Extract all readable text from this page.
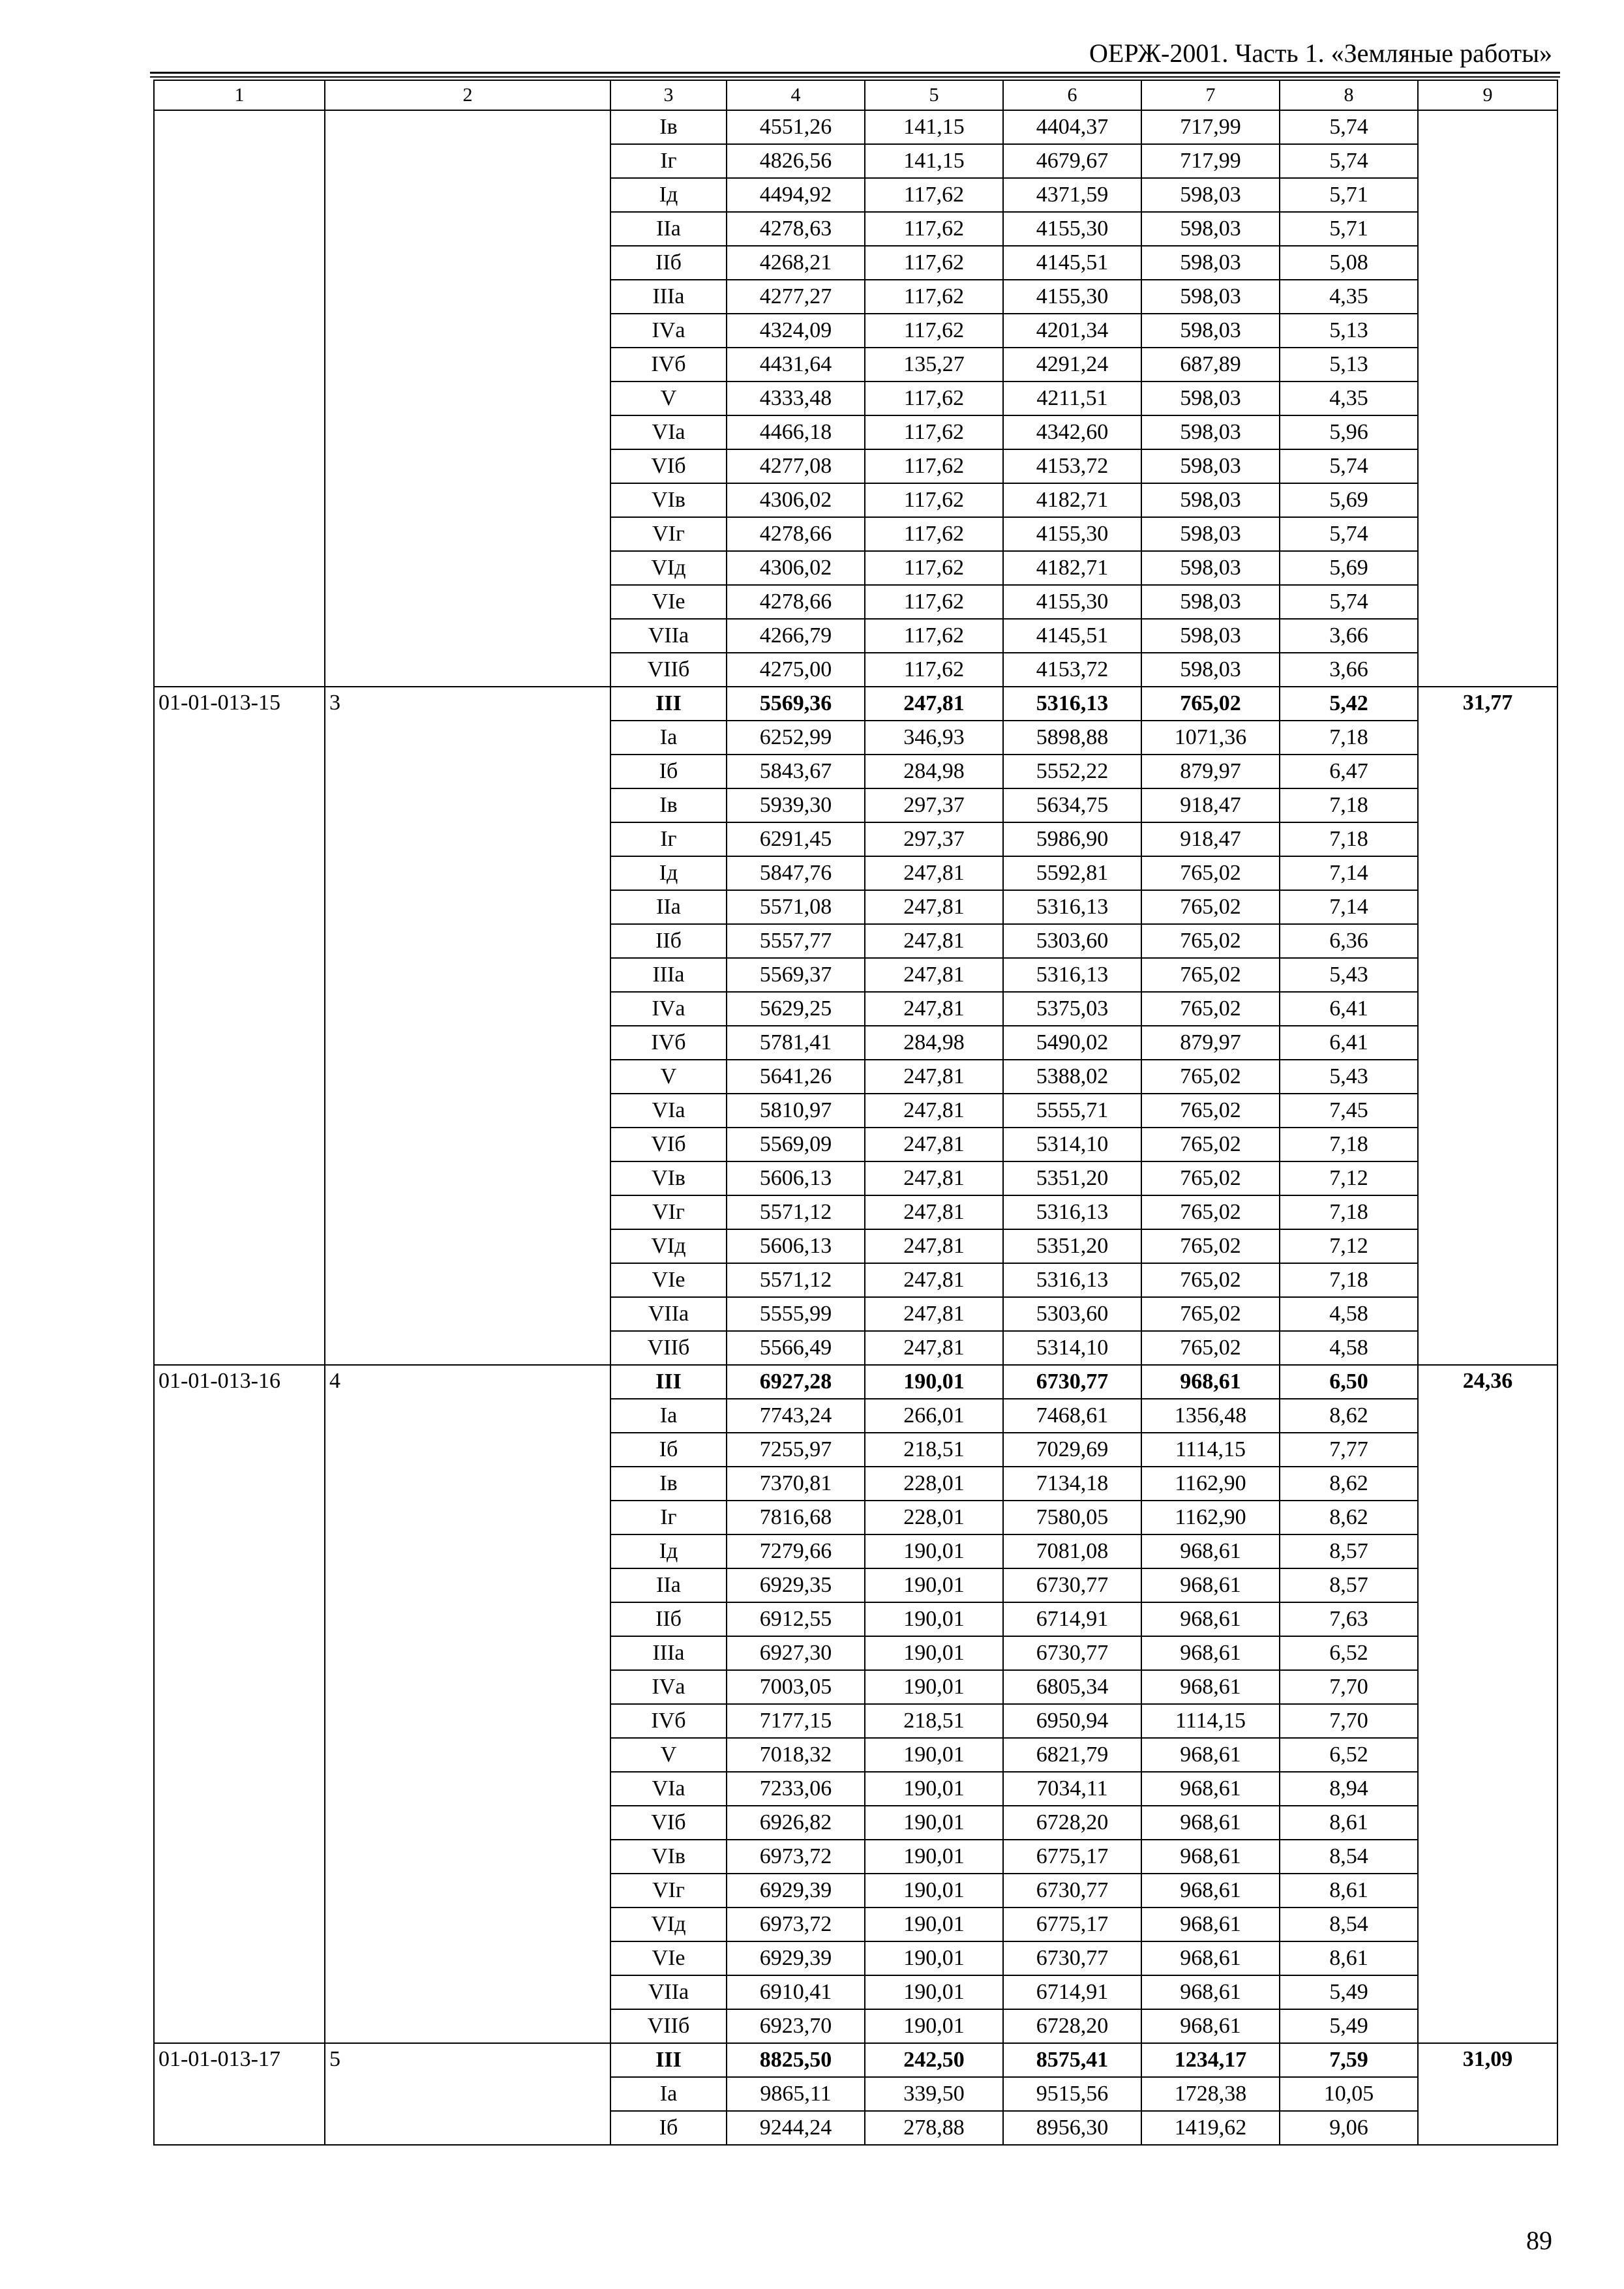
ОЕРЖ-2001. Часть 1. «Земляные работы»
1	2	3	4	5	6	7	8	9
		Iв	4551,26	141,15	4404,37	717,99	5,74	
		Iг	4826,56	141,15	4679,67	717,99	5,74	
		Iд	4494,92	117,62	4371,59	598,03	5,71	
		IIа	4278,63	117,62	4155,30	598,03	5,71	
		IIб	4268,21	117,62	4145,51	598,03	5,08	
		IIIа	4277,27	117,62	4155,30	598,03	4,35	
		IVа	4324,09	117,62	4201,34	598,03	5,13	
		IVб	4431,64	135,27	4291,24	687,89	5,13	
		V	4333,48	117,62	4211,51	598,03	4,35	
		VIа	4466,18	117,62	4342,60	598,03	5,96	
		VIб	4277,08	117,62	4153,72	598,03	5,74	
		VIв	4306,02	117,62	4182,71	598,03	5,69	
		VIг	4278,66	117,62	4155,30	598,03	5,74	
		VIд	4306,02	117,62	4182,71	598,03	5,69	
		VIе	4278,66	117,62	4155,30	598,03	5,74	
		VIIа	4266,79	117,62	4145,51	598,03	3,66	
		VIIб	4275,00	117,62	4153,72	598,03	3,66	
01-01-013-15	3	III	5569,36	247,81	5316,13	765,02	5,42	31,77
		Iа	6252,99	346,93	5898,88	1071,36	7,18	
		Iб	5843,67	284,98	5552,22	879,97	6,47	
		Iв	5939,30	297,37	5634,75	918,47	7,18	
		Iг	6291,45	297,37	5986,90	918,47	7,18	
		Iд	5847,76	247,81	5592,81	765,02	7,14	
		IIа	5571,08	247,81	5316,13	765,02	7,14	
		IIб	5557,77	247,81	5303,60	765,02	6,36	
		IIIа	5569,37	247,81	5316,13	765,02	5,43	
		IVа	5629,25	247,81	5375,03	765,02	6,41	
		IVб	5781,41	284,98	5490,02	879,97	6,41	
		V	5641,26	247,81	5388,02	765,02	5,43	
		VIа	5810,97	247,81	5555,71	765,02	7,45	
		VIб	5569,09	247,81	5314,10	765,02	7,18	
		VIв	5606,13	247,81	5351,20	765,02	7,12	
		VIг	5571,12	247,81	5316,13	765,02	7,18	
		VIд	5606,13	247,81	5351,20	765,02	7,12	
		VIе	5571,12	247,81	5316,13	765,02	7,18	
		VIIа	5555,99	247,81	5303,60	765,02	4,58	
		VIIб	5566,49	247,81	5314,10	765,02	4,58	
01-01-013-16	4	III	6927,28	190,01	6730,77	968,61	6,50	24,36
		Iа	7743,24	266,01	7468,61	1356,48	8,62	
		Iб	7255,97	218,51	7029,69	1114,15	7,77	
		Iв	7370,81	228,01	7134,18	1162,90	8,62	
		Iг	7816,68	228,01	7580,05	1162,90	8,62	
		Iд	7279,66	190,01	7081,08	968,61	8,57	
		IIа	6929,35	190,01	6730,77	968,61	8,57	
		IIб	6912,55	190,01	6714,91	968,61	7,63	
		IIIа	6927,30	190,01	6730,77	968,61	6,52	
		IVа	7003,05	190,01	6805,34	968,61	7,70	
		IVб	7177,15	218,51	6950,94	1114,15	7,70	
		V	7018,32	190,01	6821,79	968,61	6,52	
		VIа	7233,06	190,01	7034,11	968,61	8,94	
		VIб	6926,82	190,01	6728,20	968,61	8,61	
		VIв	6973,72	190,01	6775,17	968,61	8,54	
		VIг	6929,39	190,01	6730,77	968,61	8,61	
		VIд	6973,72	190,01	6775,17	968,61	8,54	
		VIе	6929,39	190,01	6730,77	968,61	8,61	
		VIIа	6910,41	190,01	6714,91	968,61	5,49	
		VIIб	6923,70	190,01	6728,20	968,61	5,49	
01-01-013-17	5	III	8825,50	242,50	8575,41	1234,17	7,59	31,09
		Iа	9865,11	339,50	9515,56	1728,38	10,05	
		Iб	9244,24	278,88	8956,30	1419,62	9,06	
89
